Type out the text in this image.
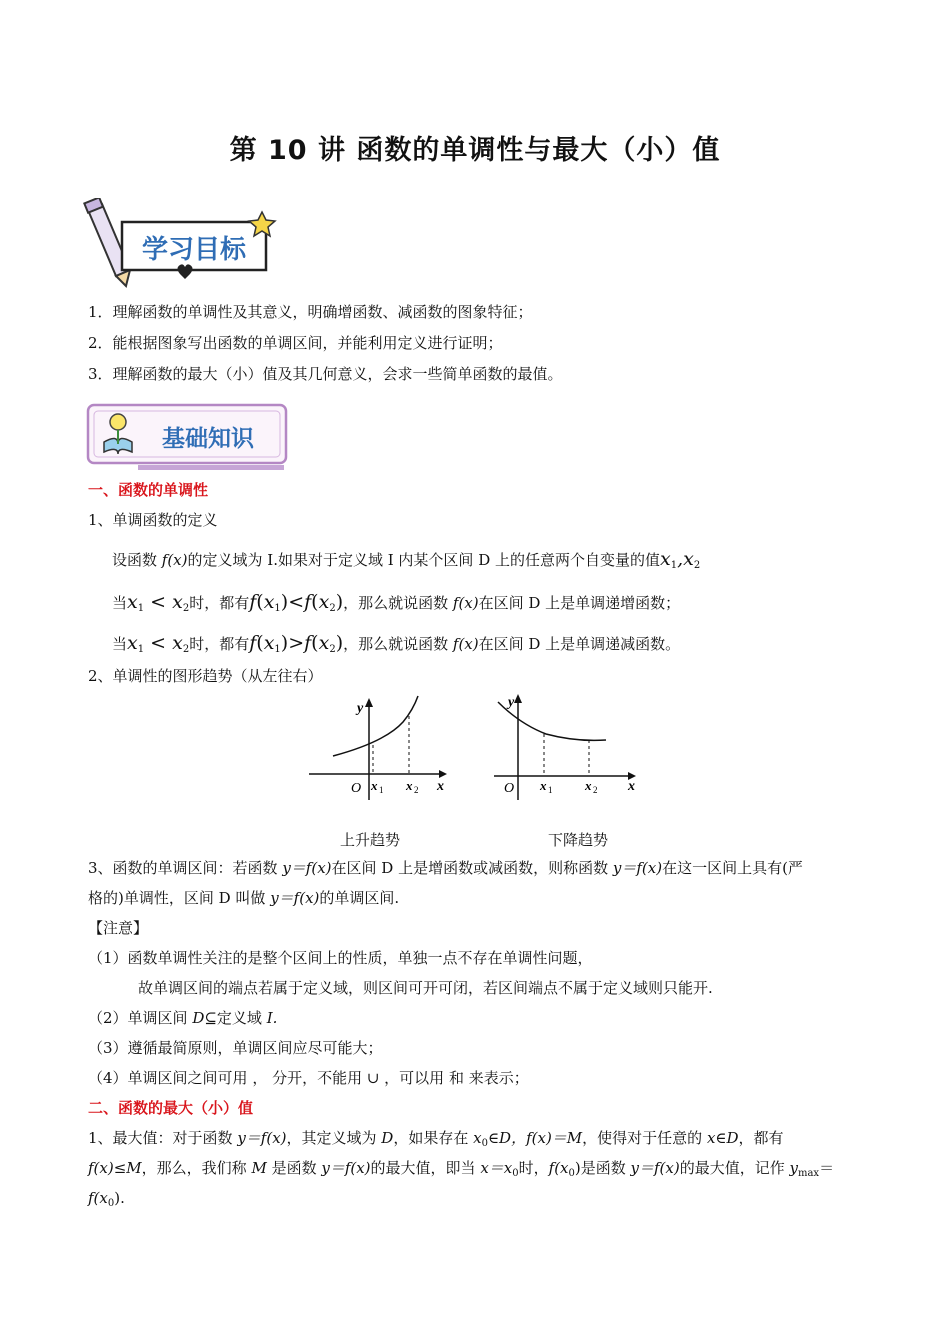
第 10 讲 函数的单调性与最大（小）值
学习目标
1．理解函数的单调性及其意义，明确增函数、减函数的图象特征；
2．能根据图象写出函数的单调区间，并能利用定义进行证明；
3．理解函数的最大（小）值及其几何意义，会求一些简单函数的最值。
基础知识
一、函数的单调性
1、单调函数的定义
设函数 f(x)的定义域为 I.如果对于定义域 I 内某个区间 D 上的任意两个自变量的值$x_1,x_2$
当$x_1 < x_2$时，都有$f(x_1)<f(x_2)$，那么就说函数 f(x)在区间 D 上是单调递增函数；
当$x_1 < x_2$时，都有$f(x_1)>f(x_2)$，那么就说函数 f(x)在区间 D 上是单调递减函数。
2、单调性的图形趋势（从左往右）
y
O x 1 x 2 x
y
O x 1	x 2 x
上升趋势	下降趋势
3、函数的单调区间：若函数 y＝f(x)在区间 D 上是增函数或减函数，则称函数 y＝f(x)在这一区间上具有(严
格的)单调性，区间 D 叫做 y＝f(x)的单调区间.
【注意】
（1）函数单调性关注的是整个区间上的性质，单独一点不存在单调性问题，
故单调区间的端点若属于定义域，则区间可开可闭，若区间端点不属于定义域则只能开.
（2）单调区间 D⊆定义域 I.
（3）遵循最简原则，单调区间应尽可能大；
（4）单调区间之间可用 ， 分开，不能用 ∪ ，可以用 和 来表示；
二、函数的最大（小）值
1、最大值：对于函数 y＝f(x)，其定义域为 D，如果存在 $x_0\in D$，f(x)＝M，使得对于任意的 x∈D，都有
f(x)≤M，那么，我们称 M 是函数 y＝f(x)的最大值，即当 $x=x_0$时，$f(x_0)$是函数 y＝f(x)的最大值，记作 $y_{max}=$
$f(x_0)$.
